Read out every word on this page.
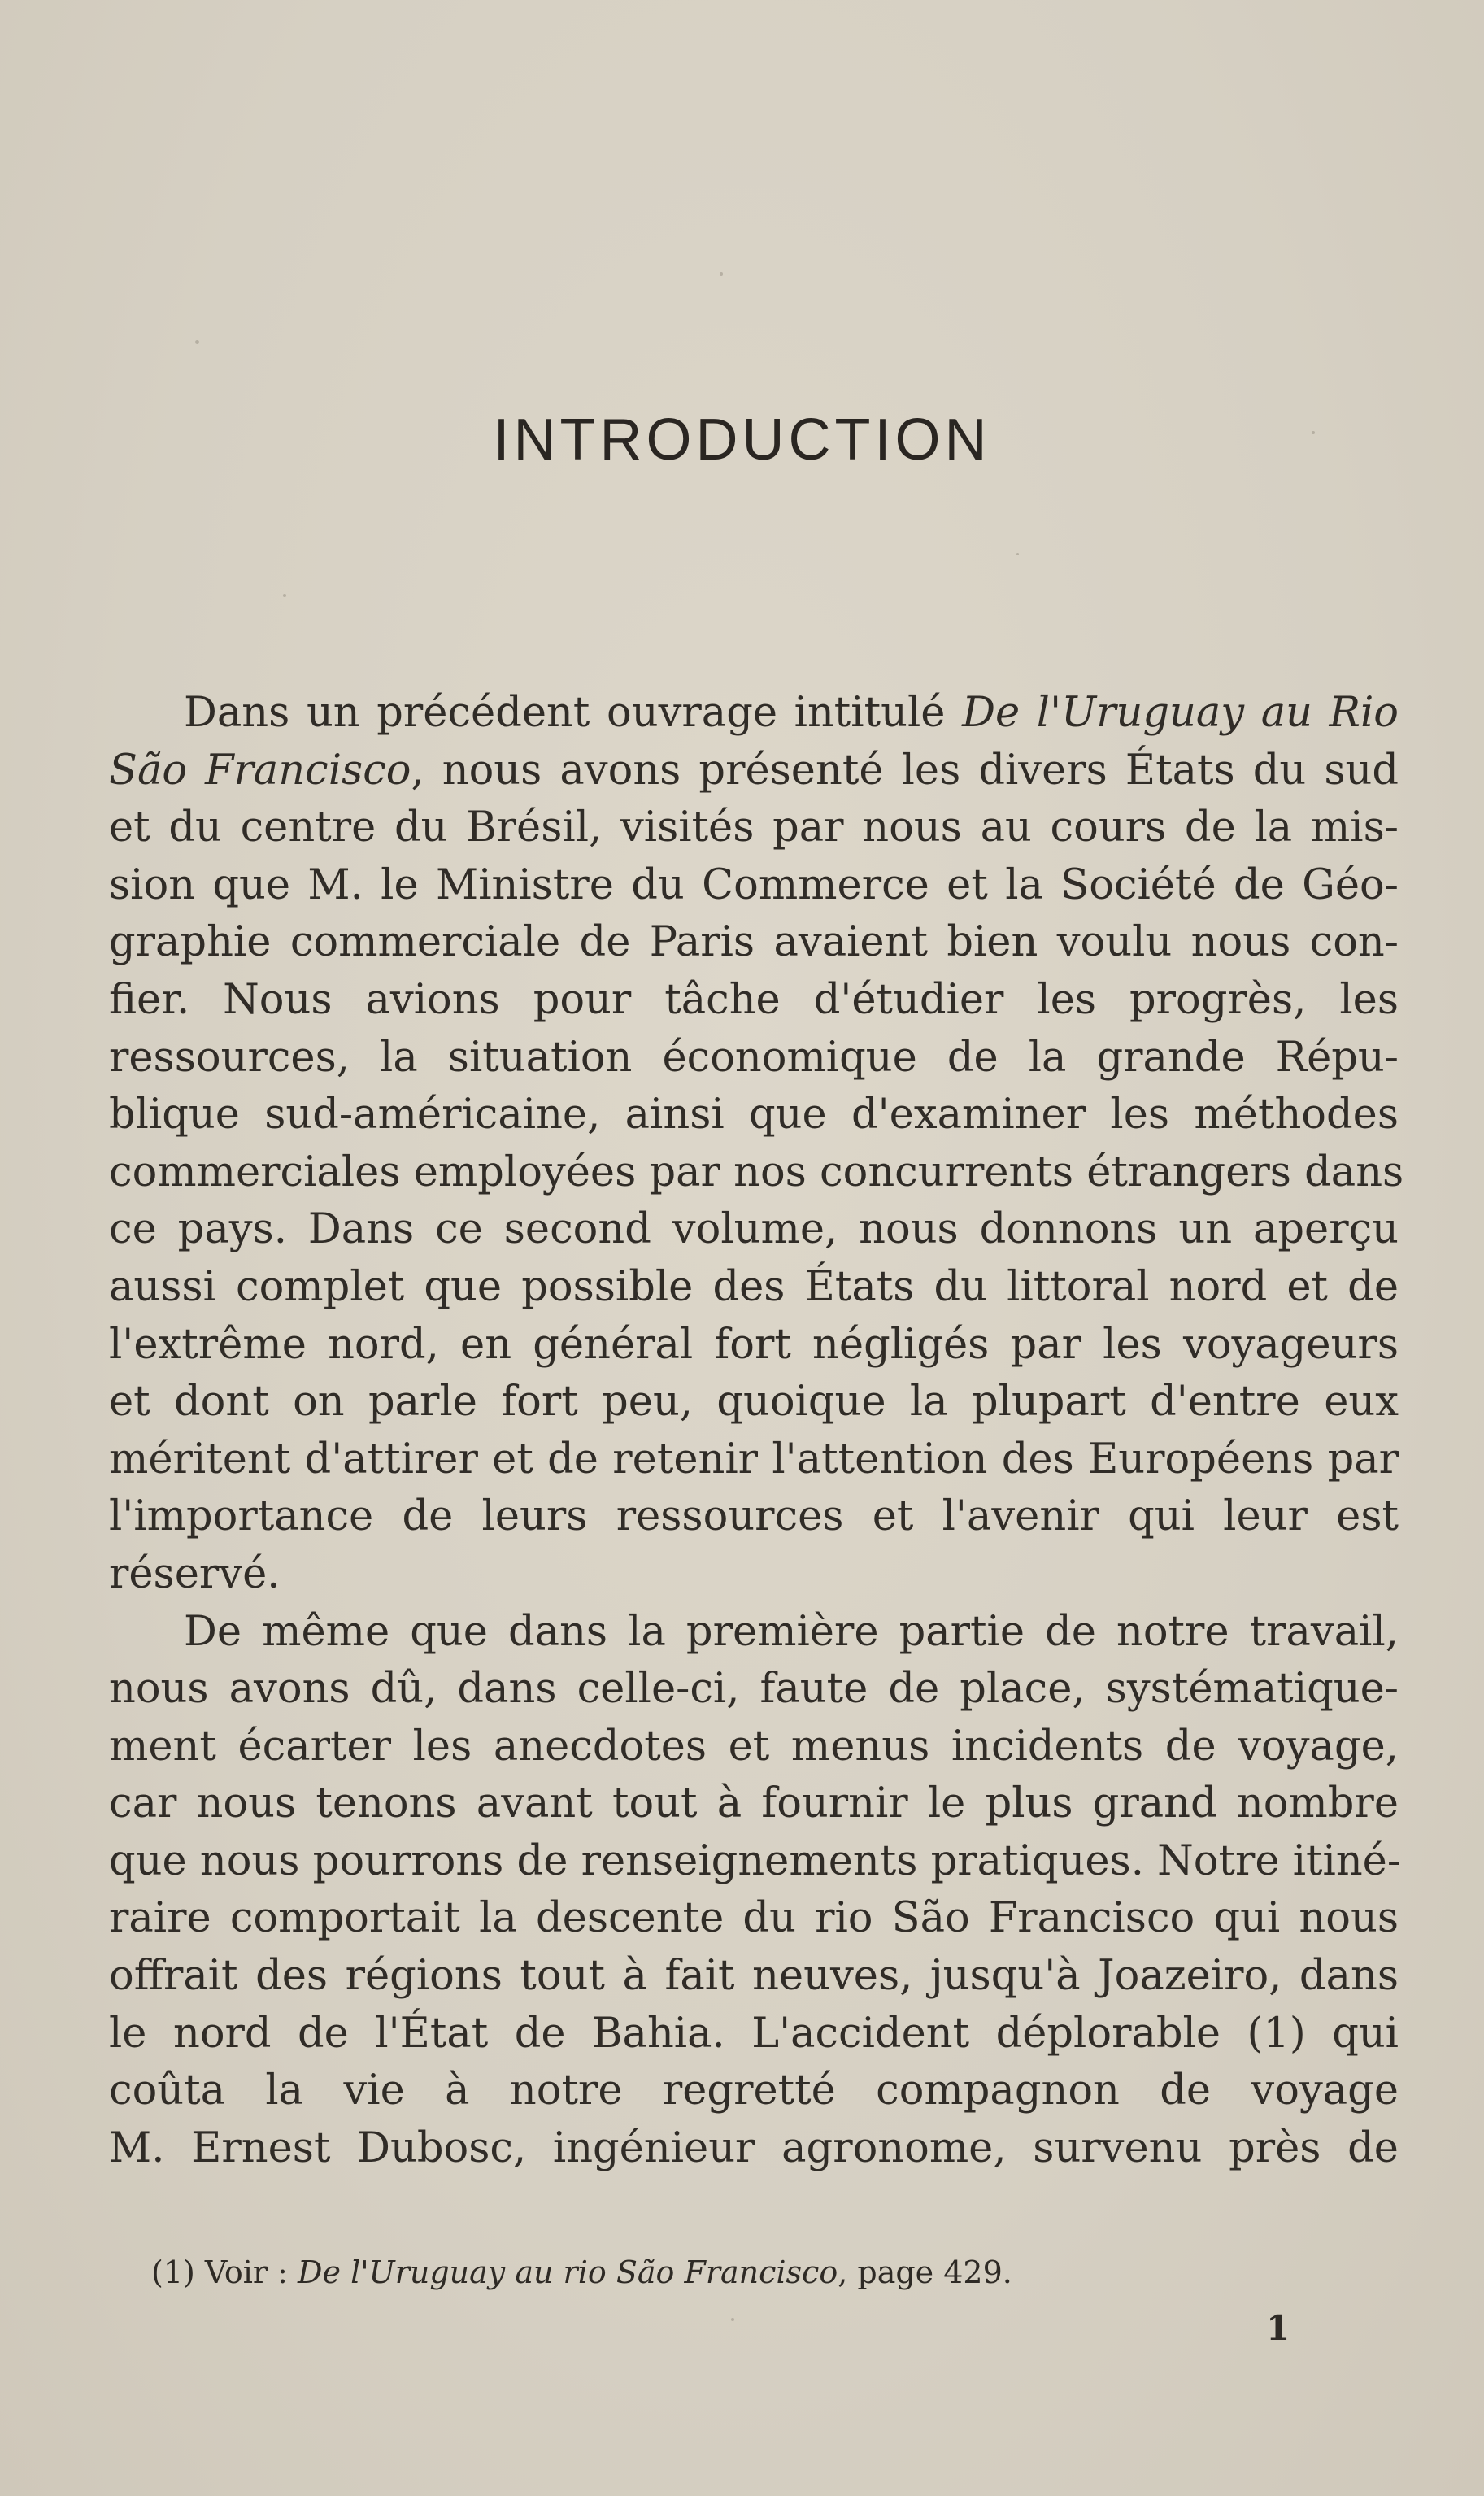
INTRODUCTION
Dans un précédent ouvrage intitulé De l'Uruguay au Rio
São Francisco, nous avons présenté les divers États du sud
et du centre du Brésil, visités par nous au cours de la mis-
sion que M. le Ministre du Commerce et la Société de Géo-
graphie commerciale de Paris avaient bien voulu nous con-
fier. Nous avions pour tâche d'étudier les progrès, les
ressources, la situation économique de la grande Répu-
blique sud-américaine, ainsi que d'examiner les méthodes
commerciales employées par nos concurrents étrangers dans
ce pays. Dans ce second volume, nous donnons un aperçu
aussi complet que possible des États du littoral nord et de
l'extrême nord, en général fort négligés par les voyageurs
et dont on parle fort peu, quoique la plupart d'entre eux
méritent d'attirer et de retenir l'attention des Européens par
l'importance de leurs ressources et l'avenir qui leur est
réservé.
De même que dans la première partie de notre travail,
nous avons dû, dans celle-ci, faute de place, systématique-
ment écarter les anecdotes et menus incidents de voyage,
car nous tenons avant tout à fournir le plus grand nombre
que nous pourrons de renseignements pratiques. Notre itiné-
raire comportait la descente du rio São Francisco qui nous
offrait des régions tout à fait neuves, jusqu'à Joazeiro, dans
le nord de l'État de Bahia. L'accident déplorable (1) qui
coûta la vie à notre regretté compagnon de voyage
M. Ernest Dubosc, ingénieur agronome, survenu près de
(1) Voir : De l'Uruguay au rio São Francisco, page 429.
1
